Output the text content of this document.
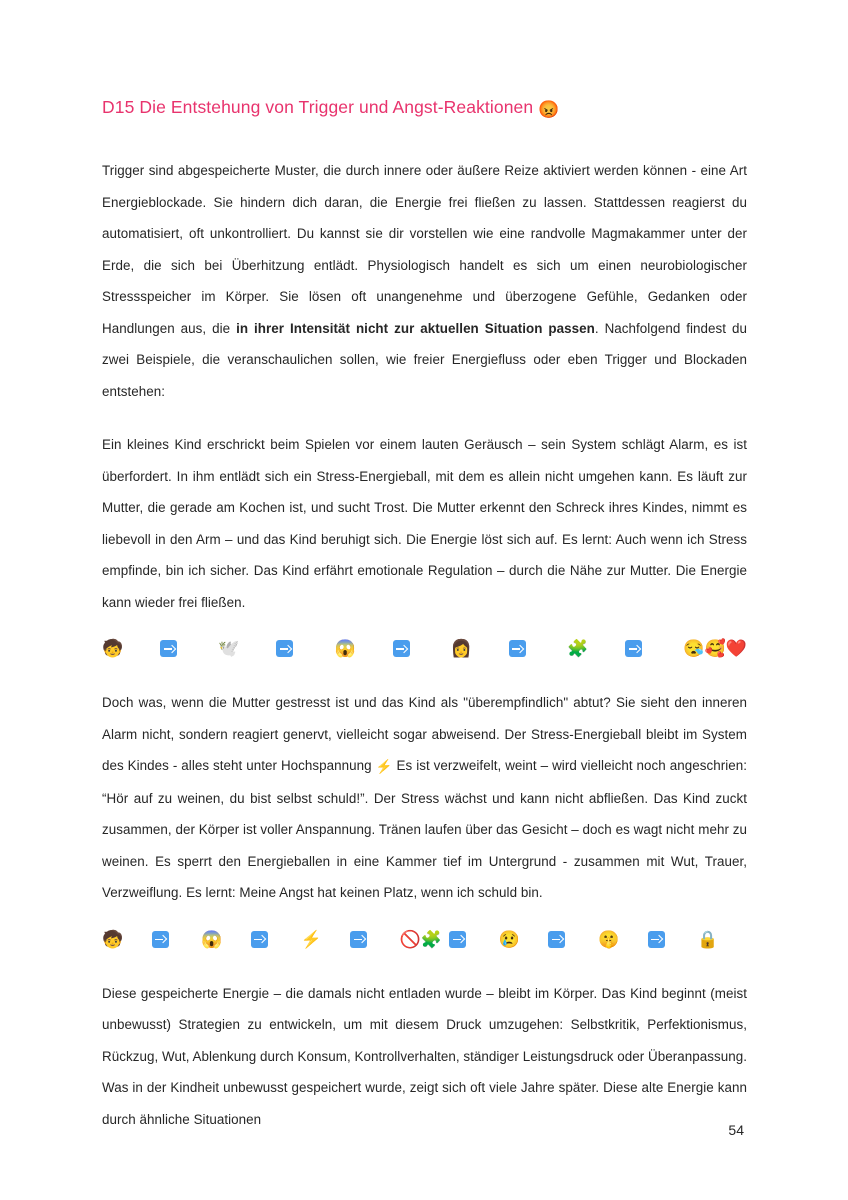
D15 Die Entstehung von Trigger und Angst-Reaktionen 😡

Trigger sind abgespeicherte Muster, die durch innere oder äußere Reize aktiviert werden können - eine Art Energieblockade. Sie hindern dich daran, die Energie frei fließen zu lassen. Stattdessen reagierst du automatisiert, oft unkontrolliert. Du kannst sie dir vorstellen wie eine randvolle Magmakammer unter der Erde, die sich bei Überhitzung entlädt. Physiologisch handelt es sich um einen neurobiologischer Stressspeicher im Körper. Sie lösen oft unangenehme und überzogene Gefühle, Gedanken oder Handlungen aus, die in ihrer Intensität nicht zur aktuellen Situation passen. Nachfolgend findest du zwei Beispiele, die veranschaulichen sollen, wie freier Energiefluss oder eben Trigger und Blockaden entstehen:

Ein kleines Kind erschrickt beim Spielen vor einem lauten Geräusch – sein System schlägt Alarm, es ist überfordert. In ihm entlädt sich ein Stress-Energieball, mit dem es allein nicht umgehen kann. Es läuft zur Mutter, die gerade am Kochen ist, und sucht Trost. Die Mutter erkennt den Schreck ihres Kindes, nimmt es liebevoll in den Arm – und das Kind beruhigt sich. Die Energie löst sich auf. Es lernt: Auch wenn ich Stress empfinde, bin ich sicher. Das Kind erfährt emotionale Regulation – durch die Nähe zur Mutter. Die Energie kann wieder frei fließen.

🧒	🕊️	😱	👩	🧩	😪🥰❤️

Doch was, wenn die Mutter gestresst ist und das Kind als "überempfindlich" abtut? Sie sieht den inneren Alarm nicht, sondern reagiert genervt, vielleicht sogar abweisend. Der Stress-Energieball bleibt im System des Kindes - alles steht unter Hochspannung ⚡ Es ist verzweifelt, weint – wird vielleicht noch angeschrien: “Hör auf zu weinen, du bist selbst schuld!”. Der Stress wächst und kann nicht abfließen. Das Kind zuckt zusammen, der Körper ist voller Anspannung. Tränen laufen über das Gesicht – doch es wagt nicht mehr zu weinen. Es sperrt den Energieballen in eine Kammer tief im Untergrund - zusammen mit Wut, Trauer, Verzweiflung. Es lernt: Meine Angst hat keinen Platz, wenn ich schuld bin.

🧒	😱	⚡	🚫🧩	😢	🤫	🔒

Diese gespeicherte Energie – die damals nicht entladen wurde – bleibt im Körper. Das Kind beginnt (meist unbewusst) Strategien zu entwickeln, um mit diesem Druck umzugehen: Selbstkritik, Perfektionismus, Rückzug, Wut, Ablenkung durch Konsum, Kontrollverhalten, ständiger Leistungsdruck oder Überanpassung. Was in der Kindheit unbewusst gespeichert wurde, zeigt sich oft viele Jahre später. Diese alte Energie kann durch ähnliche Situationen

54
